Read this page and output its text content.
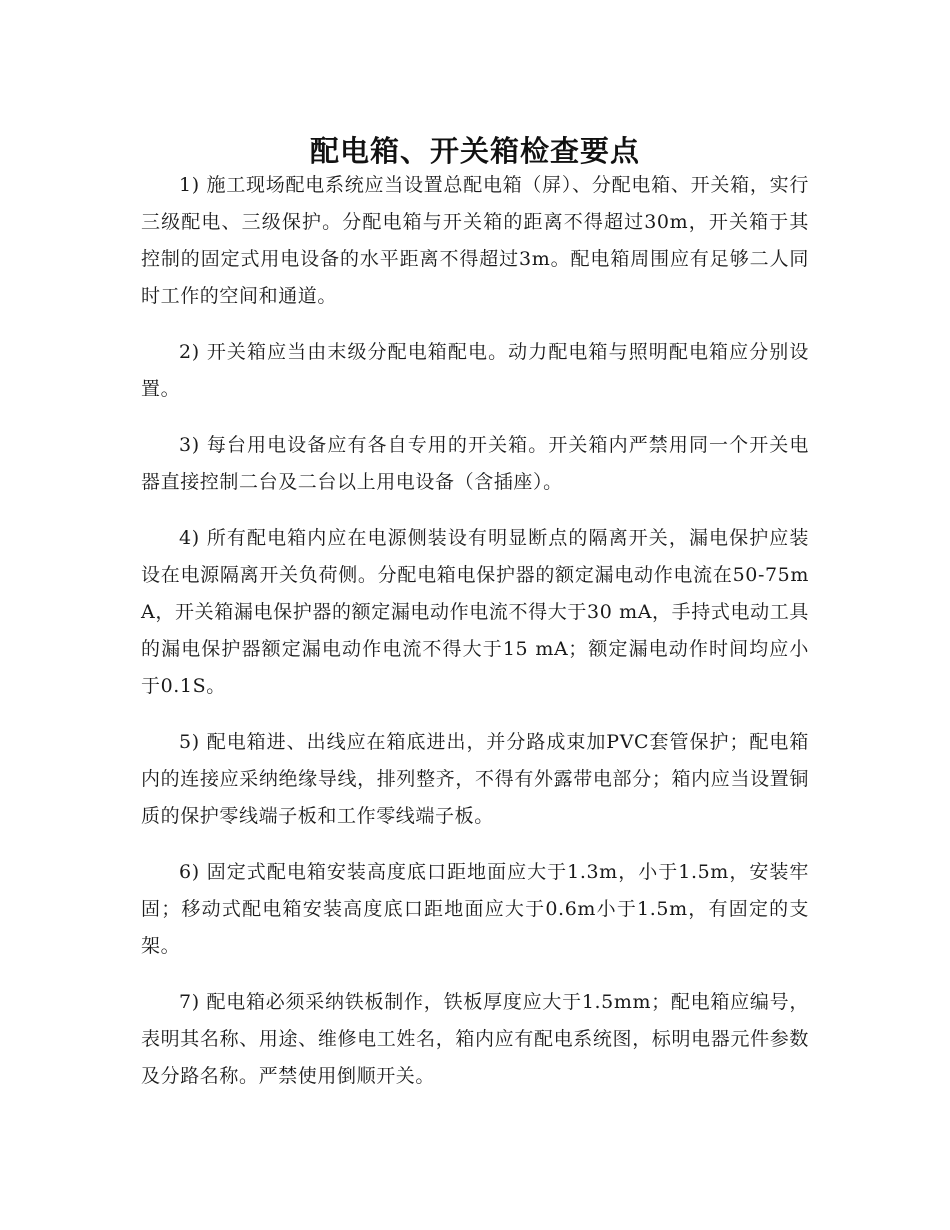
配电箱、开关箱检查要点

1) 施工现场配电系统应当设置总配电箱（屏）、分配电箱、开关箱，实行三级配电、三级保护。分配电箱与开关箱的距离不得超过30m，开关箱于其控制的固定式用电设备的水平距离不得超过3m。配电箱周围应有足够二人同时工作的空间和通道。

2) 开关箱应当由末级分配电箱配电。动力配电箱与照明配电箱应分别设置。

3) 每台用电设备应有各自专用的开关箱。开关箱内严禁用同一个开关电器直接控制二台及二台以上用电设备（含插座）。

4) 所有配电箱内应在电源侧装设有明显断点的隔离开关，漏电保护应装设在电源隔离开关负荷侧。分配电箱电保护器的额定漏电动作电流在50-75mA，开关箱漏电保护器的额定漏电动作电流不得大于30 mA，手持式电动工具的漏电保护器额定漏电动作电流不得大于15 mA；额定漏电动作时间均应小于0.1S。

5) 配电箱进、出线应在箱底进出，并分路成束加PVC套管保护；配电箱内的连接应采纳绝缘导线，排列整齐，不得有外露带电部分；箱内应当设置铜质的保护零线端子板和工作零线端子板。

6) 固定式配电箱安装高度底口距地面应大于1.3m，小于1.5m，安装牢固；移动式配电箱安装高度底口距地面应大于0.6m小于1.5m，有固定的支架。

7) 配电箱必须采纳铁板制作，铁板厚度应大于1.5mm；配电箱应编号，表明其名称、用途、维修电工姓名，箱内应有配电系统图，标明电器元件参数及分路名称。严禁使用倒顺开关。
